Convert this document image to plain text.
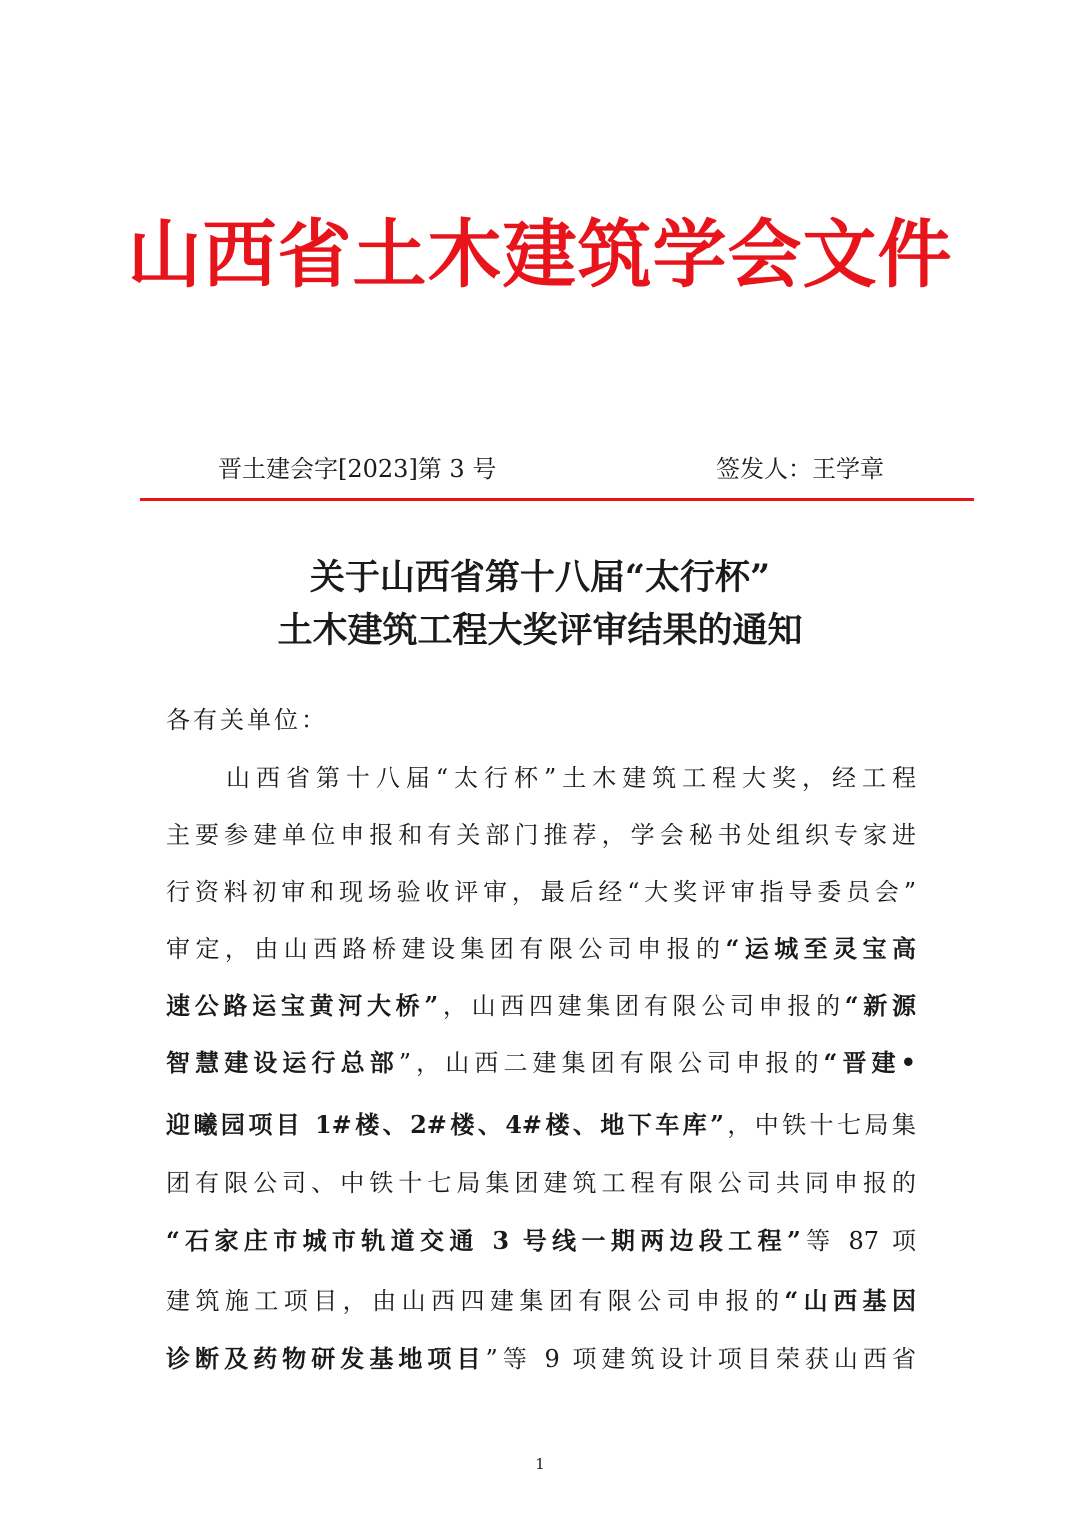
山西省土木建筑学会文件
晋土建会字[2023]第 3 号	签发人：王学章
关于山西省第十八届“太行杯”
土木建筑工程大奖评审结果的通知
各有关单位：
山西省第十八届“太行杯”土木建筑工程大奖，经工程
主要参建单位申报和有关部门推荐，学会秘书处组织专家进
行资料初审和现场验收评审，最后经“大奖评审指导委员会”
审定，由山西路桥建设集团有限公司申报的“运城至灵宝高
速公路运宝黄河大桥”，山西四建集团有限公司申报的“新源
智慧建设运行总部”，山西二建集团有限公司申报的“晋建•
迎曦园项目 1#楼、2#楼、4#楼、地下车库”，中铁十七局集
团有限公司、中铁十七局集团建筑工程有限公司共同申报的
“石家庄市城市轨道交通 3 号线一期两边段工程”等 87 项
建筑施工项目，由山西四建集团有限公司申报的“山西基因
诊断及药物研发基地项目”等 9 项建筑设计项目荣获山西省
1
